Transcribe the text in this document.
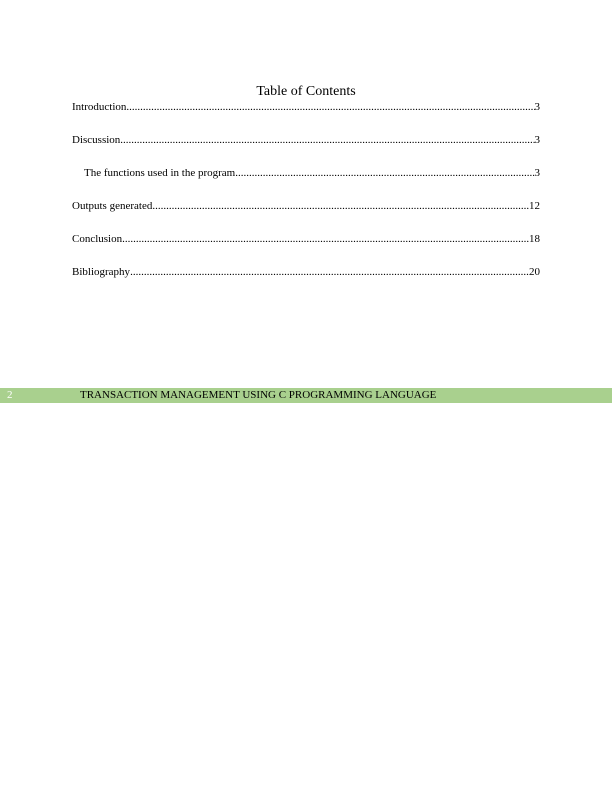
Table of Contents
Introduction .....	3
Discussion .....	3
The functions used in the program .....	3
Outputs generated .....	12
Conclusion .....	18
Bibliography .....	20
2	TRANSACTION MANAGEMENT USING C PROGRAMMING LANGUAGE
